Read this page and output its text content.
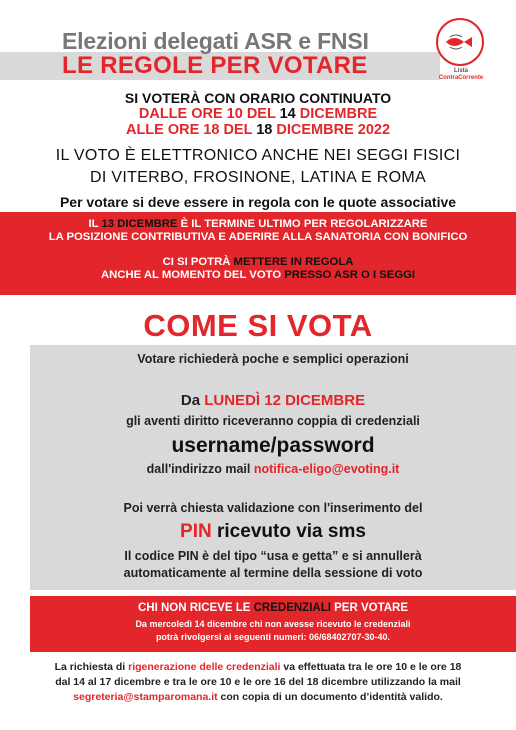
Elezioni delegati ASR e FNSI
LE REGOLE PER VOTARE	Lista
ContraCorrente
SI VOTERÀ CON ORARIO CONTINUATO
DALLE ORE 10 DEL 14 DICEMBRE
ALLE ORE 18 DEL 18 DICEMBRE 2022
IL VOTO È ELETTRONICO ANCHE NEI SEGGI FISICI
DI VITERBO, FROSINONE, LATINA E ROMA
Per votare si deve essere in regola con le quote associative
IL 13 DICEMBRE È IL TERMINE ULTIMO PER REGOLARIZZARE
LA POSIZIONE CONTRIBUTIVA E ADERIRE ALLA SANATORIA CON BONIFICO
CI SI POTRÀ METTERE IN REGOLA
ANCHE AL MOMENTO DEL VOTO PRESSO ASR O I SEGGI
COME SI VOTA
Votare richiederà poche e semplici operazioni
Da LUNEDÌ 12 DICEMBRE
gli aventi diritto riceveranno coppia di credenziali
username/password
dall'indirizzo mail notifica-eligo@evoting.it
Poi verrà chiesta validazione con l'inserimento del
PIN ricevuto via sms
Il codice PIN è del tipo “usa e getta” e si annullerà
automaticamente al termine della sessione di voto
CHI NON RICEVE LE CREDENZIALI PER VOTARE
Da mercoledì 14 dicembre chi non avesse ricevuto le credenziali
potrà rivolgersi ai seguenti numeri: 06/68402707-30-40.
La richiesta di rigenerazione delle credenziali va effettuata tra le ore 10 e le ore 18
dal 14 al 17 dicembre e tra le ore 10 e le ore 16 del 18 dicembre utilizzando la mail
segreteria@stamparomana.it con copia di un documento d’identità valido.
